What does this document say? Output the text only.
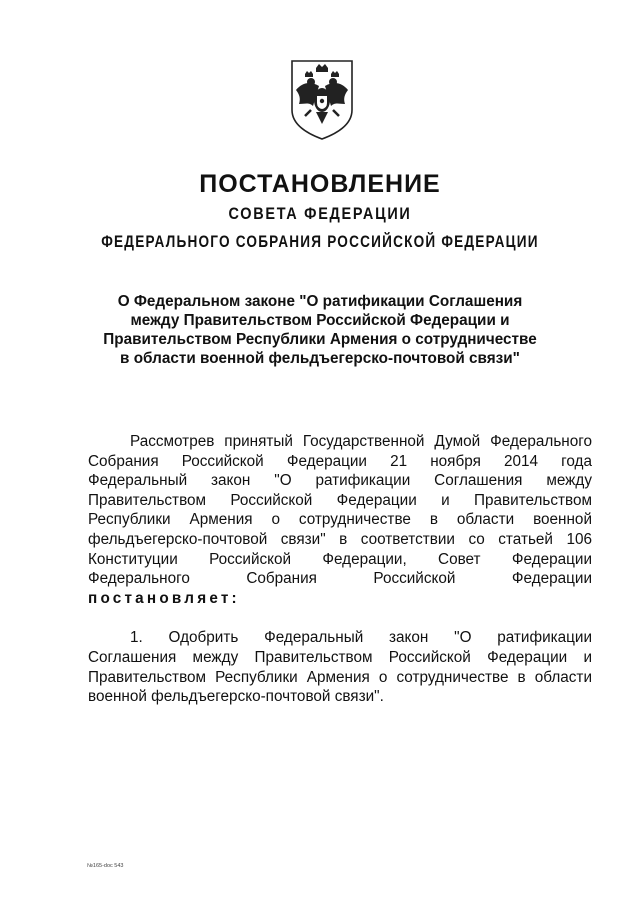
ПОСТАНОВЛЕНИЕ
СОВЕТА ФЕДЕРАЦИИ
ФЕДЕРАЛЬНОГО СОБРАНИЯ РОССИЙСКОЙ ФЕДЕРАЦИИ
О Федеральном законе "О ратификации Соглашения
между Правительством Российской Федерации и
Правительством Республики Армения о сотрудничестве
в области военной фельдъегерско-почтовой связи"
Рассмотрев принятый Государственной Думой Федерального
Собрания Российской Федерации 21 ноября 2014 года
Федеральный закон "О ратификации Соглашения между
Правительством Российской Федерации и Правительством
Республики Армения о сотрудничестве в области военной
фельдъегерско-почтовой связи" в соответствии со статьей 106
Конституции Российской Федерации, Совет Федерации
Федерального Собрания Российской Федерации
постановляет:
1. Одобрить Федеральный закон "О ратификации
Соглашения между Правительством Российской Федерации и
Правительством Республики Армения о сотрудничестве в области
военной фельдъегерско-почтовой связи".
№165-doc 543
